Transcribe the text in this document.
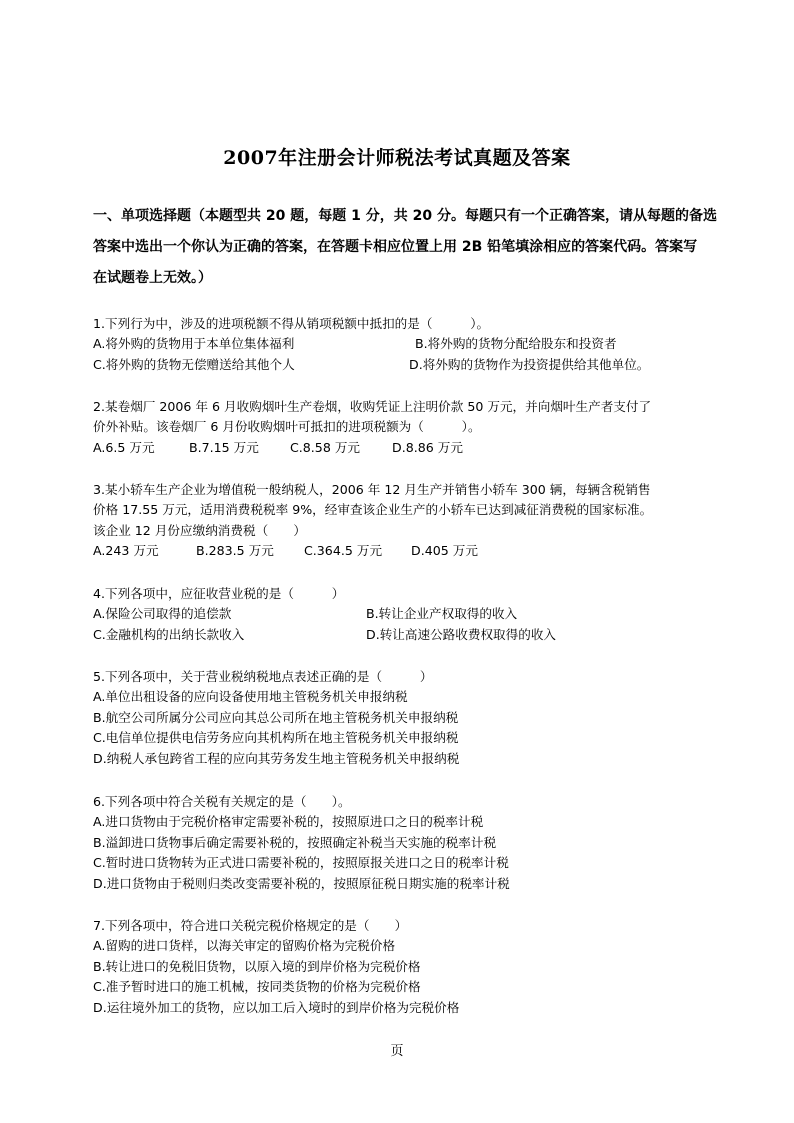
2007年注册会计师税法考试真题及答案
一、单项选择题（本题型共 20 题，每题 1 分，共 20 分。每题只有一个正确答案，请从每题的备选
答案中选出一个你认为正确的答案，在答题卡相应位置上用 2B 铅笔填涂相应的答案代码。答案写
在试题卷上无效。）
1.下列行为中，涉及的进项税额不得从销项税额中抵扣的是（　　　）。
A.将外购的货物用于本单位集体福利	B.将外购的货物分配给股东和投资者
C.将外购的货物无偿赠送给其他个人	D.将外购的货物作为投资提供给其他单位。
2.某卷烟厂 2006 年 6 月收购烟叶生产卷烟，收购凭证上注明价款 50 万元，并向烟叶生产者支付了
价外补贴。该卷烟厂 6 月份收购烟叶可抵扣的进项税额为（　　　）。
A.6.5 万元	B.7.15 万元 C.8.58 万元	D.8.86 万元
3.某小轿车生产企业为增值税一般纳税人，2006 年 12 月生产并销售小轿车 300 辆，每辆含税销售
价格 17.55 万元，适用消费税税率 9%，经审查该企业生产的小轿车已达到减征消费税的国家标准。
该企业 12 月份应缴纳消费税（　　）
A.243 万元	B.283.5 万元 C.364.5 万元 D.405 万元
4.下列各项中，应征收营业税的是（　　　）
A.保险公司取得的追偿款	B.转让企业产权取得的收入
C.金融机构的出纳长款收入	D.转让高速公路收费权取得的收入
5.下列各项中，关于营业税纳税地点表述正确的是（　　　）
A.单位出租设备的应向设备使用地主管税务机关申报纳税
B.航空公司所属分公司应向其总公司所在地主管税务机关申报纳税
C.电信单位提供电信劳务应向其机构所在地主管税务机关申报纳税
D.纳税人承包跨省工程的应向其劳务发生地主管税务机关申报纳税
6.下列各项中符合关税有关规定的是（　　）。
A.进口货物由于完税价格审定需要补税的，按照原进口之日的税率计税
B.溢卸进口货物事后确定需要补税的，按照确定补税当天实施的税率计税
C.暂时进口货物转为正式进口需要补税的，按照原报关进口之日的税率计税
D.进口货物由于税则归类改变需要补税的，按照原征税日期实施的税率计税
7.下列各项中，符合进口关税完税价格规定的是（　　）
A.留购的进口货样，以海关审定的留购价格为完税价格
B.转让进口的免税旧货物，以原入境的到岸价格为完税价格
C.准予暂时进口的施工机械，按同类货物的价格为完税价格
D.运往境外加工的货物，应以加工后入境时的到岸价格为完税价格
页
